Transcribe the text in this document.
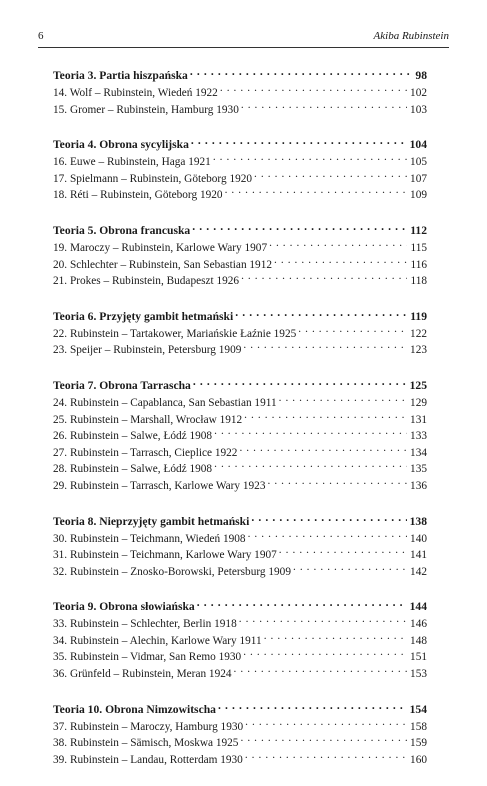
6	Akiba Rubinstein
Teoria 3. Partia hiszpańska . . .	98
14. Wolf – Rubinstein, Wiedeń 1922 . . .	102
15. Gromer – Rubinstein, Hamburg 1930 . . .	103
Teoria 4. Obrona sycylijska . . .	104
16. Euwe – Rubinstein, Haga 1921 . . .	105
17. Spielmann – Rubinstein, Göteborg 1920 . . .	107
18. Réti – Rubinstein, Göteborg 1920 . . .	109
Teoria 5. Obrona francuska . . .	112
19. Maroczy – Rubinstein, Karlowe Wary 1907 . . .	115
20. Schlechter – Rubinstein, San Sebastian 1912 . . .	116
21. Prokes – Rubinstein, Budapeszt 1926 . . .	118
Teoria 6. Przyjęty gambit hetmański . . .	119
22. Rubinstein – Tartakower, Mariańskie Łaźnie 1925 . . .	122
23. Speijer – Rubinstein, Petersburg 1909 . . .	123
Teoria 7. Obrona Tarrascha . . .	125
24. Rubinstein – Capablanca, San Sebastian 1911 . . .	129
25. Rubinstein – Marshall, Wrocław 1912 . . .	131
26. Rubinstein – Salwe, Łódź 1908 . . .	133
27. Rubinstein – Tarrasch, Cieplice 1922 . . .	134
28. Rubinstein – Salwe, Łódź 1908 . . .	135
29. Rubinstein – Tarrasch, Karlowe Wary 1923 . . .	136
Teoria 8. Nieprzyjęty gambit hetmański . . .	138
30. Rubinstein – Teichmann, Wiedeń 1908 . . .	140
31. Rubinstein – Teichmann, Karlowe Wary 1907 . . .	141
32. Rubinstein – Znosko-Borowski, Petersburg 1909 . . .	142
Teoria 9. Obrona słowiańska . . .	144
33. Rubinstein – Schlechter, Berlin 1918 . . .	146
34. Rubinstein – Alechin, Karlowe Wary 1911 . . .	148
35. Rubinstein – Vidmar, San Remo 1930 . . .	151
36. Grünfeld – Rubinstein, Meran 1924 . . .	153
Teoria 10. Obrona Nimzowitscha . . .	154
37. Rubinstein – Maroczy, Hamburg 1930 . . .	158
38. Rubinstein – Sämisch, Moskwa 1925 . . .	159
39. Rubinstein – Landau, Rotterdam 1930 . . .	160
